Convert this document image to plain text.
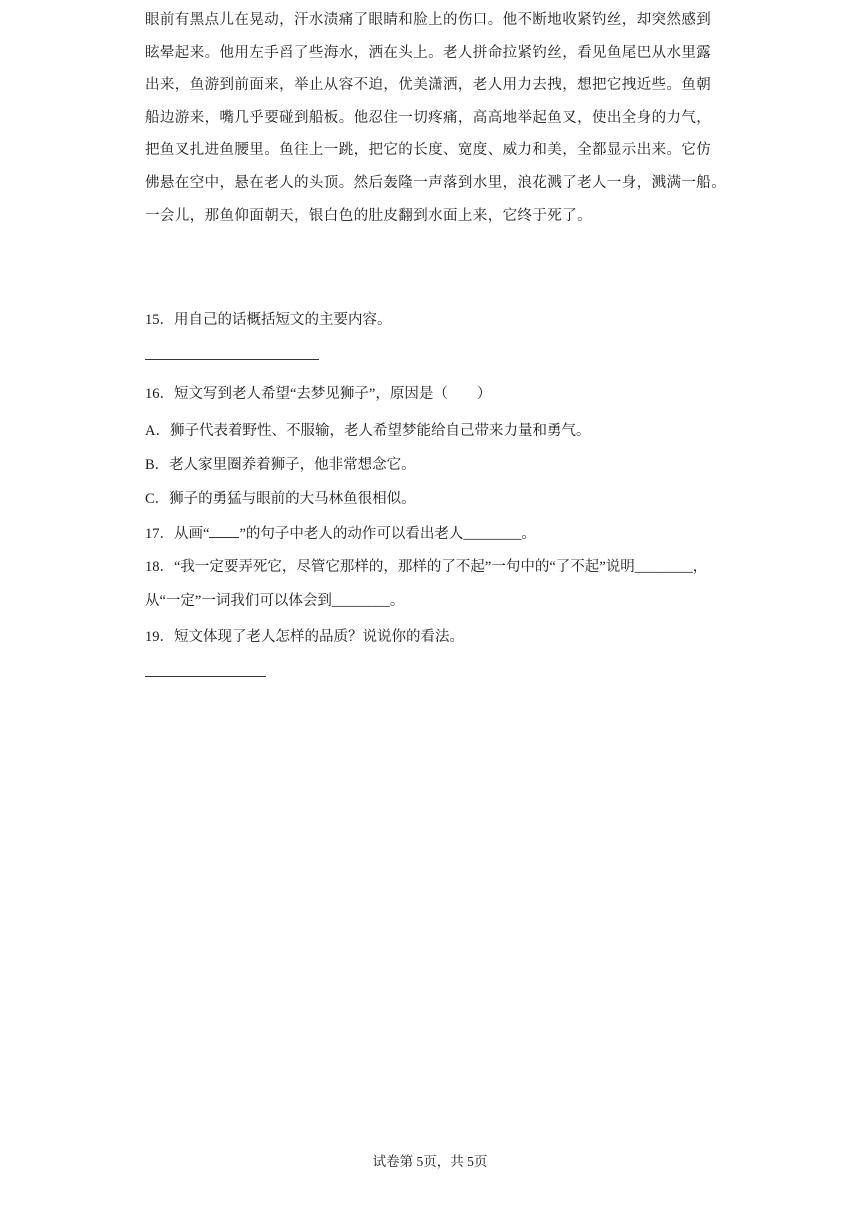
眼前有黑点儿在晃动，汗水渍痛了眼睛和脸上的伤口。他不断地收紧钓丝，却突然感到
眩晕起来。他用左手舀了些海水，洒在头上。老人拼命拉紧钓丝，看见鱼尾巴从水里露
出来，鱼游到前面来，举止从容不迫，优美潇洒，老人用力去拽，想把它拽近些。鱼朝
船边游来，嘴几乎要碰到船板。他忍住一切疼痛，高高地举起鱼叉，使出全身的力气，
把鱼叉扎进鱼腰里。鱼往上一跳，把它的长度、宽度、威力和美，全都显示出来。它仿
佛悬在空中，悬在老人的头顶。然后轰隆一声落到水里，浪花溅了老人一身，溅满一船。
一会儿，那鱼仰面朝天，银白色的肚皮翻到水面上来，它终于死了。
15．用自己的话概括短文的主要内容。
16．短文写到老人希望“去梦见狮子”，原因是（　　）
A．狮子代表着野性、不服输，老人希望梦能给自己带来力量和勇气。
B．老人家里圈养着狮子，他非常想念它。
C．狮子的勇猛与眼前的大马林鱼很相似。
17．从画“ ”的句子中老人的动作可以看出老人________。
18．“我一定要弄死它，尽管它那样的，那样的了不起”一句中的“了不起”说明________，
从“一定”一词我们可以体会到________。
19．短文体现了老人怎样的品质？说说你的看法。
试卷第 5页，共 5页
